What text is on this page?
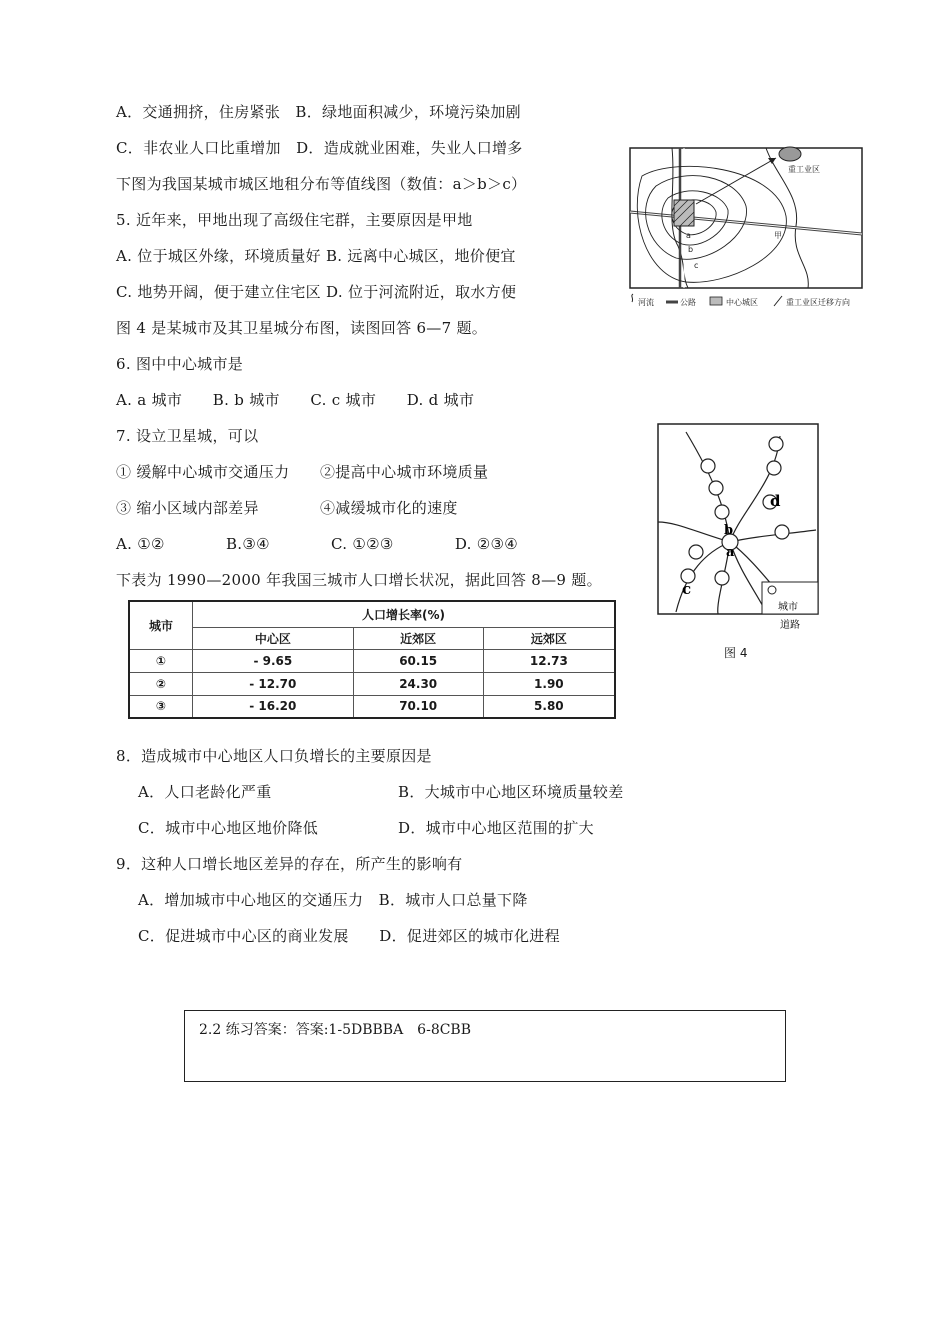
A．交通拥挤，住房紧张　B．绿地面积减少，环境污染加剧
C．非农业人口比重增加　D．造成就业困难，失业人口增多
下图为我国某城市城区地租分布等值线图（数值：a＞b＞c）
5. 近年来，甲地出现了高级住宅群，主要原因是甲地
A. 位于城区外缘，环境质量好 B. 远离中心城区，地价便宜
C. 地势开阔，便于建立住宅区 D. 位于河流附近，取水方便
图 4 是某城市及其卫星城分布图，读图回答 6—7 题。
6. 图中中心城市是
A. a 城市　　B. b 城市　　C. c 城市　　D. d 城市
7. 设立卫星城，可以
① 缓解中心城市交通压力　　②提高中心城市环境质量
③ 缩小区域内部差异　　　　④减缓城市化的速度
A. ①②　　　　B.③④　　　　C. ①②③　　　　D. ②③④
下表为 1990—2000 年我国三城市人口增长状况，据此回答 8—9 题。
城市	人口增长率(%)		
	中心区	近郊区	远郊区
①	- 9.65	60.15	12.73
②	- 12.70	24.30	1.90
③	- 16.20	70.10	5.80
8．造成城市中心地区人口负增长的主要原因是
A．人口老龄化严重	B．大城市中心地区环境质量较差
C．城市中心地区地价降低	D．城市中心地区范围的扩大
9．这种人口增长地区差异的存在，所产生的影响有
A．增加城市中心地区的交通压力　B．城市人口总量下降
C．促进城市中心区的商业发展　　D．促进郊区的城市化进程
重工业区
甲
a
b
c
河流	公路	中心城区	重工业区迁移方向
d
b
a
c
城市
道路
图 4
2.2 练习答案：答案:1-5DBBBA　6-8CBB
